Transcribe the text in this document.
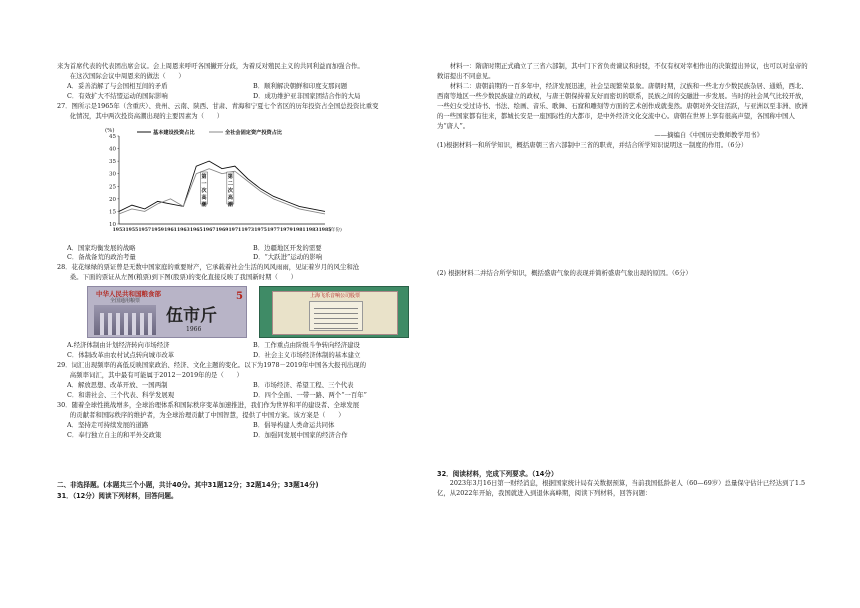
来为首席代表的代表团出席会议。会上周恩来呼吁各国撇开分歧，为着反对殖民主义的共同利益而加强合作。

在这次国际会议中周恩来的做法（　　）

A．妥善消解了与会国相互间的矛盾	B．顺利解决朝鲜和印度支那问题
C．有效扩大不结盟运动的国际影响	D．成功维护亚非国家团结合作的大局

27．图所示是1965年（含重庆）、贵州、云南、陕西、甘肃、青海和宁夏七个省区的历年投资占全国总投资比重变

化情况，其中两次投资高潮出现的主要因素为（　　）

10
15
20
25
30
35
40
45
(%)
1953 1955 1957 1959 1961 1963 1965 1967 1969 1971 1973 1975 1977 1979 1981 1983 1985
(年份)
基本建设投资占比	全社会固定资产投资占比
第
一
次
高
潮
第
二
次
高
潮
A．国家均衡发展的战略	B．边疆地区开发的需要
C．备战备荒的政治考量	D．“大跃进”运动的影响

28．花花绿绿的票证曾是无数中国家庭的重要财产，它承载着社会生活的风风雨雨，见证着岁月的风尘和沧

桑。下面的票证从左图(粮票)到下图(股票)的变化直接反映了我国新时期（　　）

中华人民共和国粮食部	5
全国通用粮票
伍市斤
1966
上海飞乐音响公司股票
A.经济体制由计划经济转向市场经济	B．工作重点由阶级斗争转向经济建设
C．体制改革由农村试点转向城市改革	D．社会主义市场经济体制的基本建立

29．词汇出现频率的高低反映国家政治、经济、文化主题的变化。以下为1978－2019年中国各大报刊出现的

高频率词汇，其中最有可能属于2012－2019年的是（　　）

A．解放思想、改革开放、一国两制	B．市场经济、希望工程、三个代表
C．和谐社会、三个代表、科学发展观	D．四个全面、一带一路、两个“一百年”

30．随着全球性挑战增多，全球治理体系和国际秩序变革加速推进，我们作为世界和平的建设者、全球发展

的贡献者和国际秩序的维护者，为全球治理贡献了中国智慧，提供了中国方案。该方案是（　　）

A．坚持走可持续发展的道路	B．倡导构建人类命运共同体
C．奉行独立自主的和平外交政策	D．加强同发展中国家的经济合作

二、非选择题。(本题共三个小题，共计40分。其中31题12分；32题14分；33题14分)

31．（12分）阅读下列材料，回答问题。

材料一：隋唐时期正式确立了三省六部制，其中门下省负责谏议和封驳，不仅有权对宰相作出的决策提出异议，也可以对皇帝的敕诏提出不同意见。

材料二：唐朝前期的一百多年中，经济发展迅速，社会呈现繁荣景象。唐朝时期，汉族和一些北方少数民族杂居、通婚，西北、西南等地区一些少数民族建立的政权，与唐王朝保持着友好而密切的联系，民族之间的交融进一步发展。当时的社会风气比较开放，一些妇女受过诗书、书法、绘画、音乐、歌舞、石窟和雕刻等方面的艺术创作成就斐然。唐朝对外交往活跃，与亚洲以至非洲、欧洲的一些国家都有往来，都城长安是一座国际性的大都市，是中外经济文化交流中心。唐朝在世界上享有很高声望，各国称中国人为“唐人”。

——摘编自《中国历史教师教学用书》

(1)根据材料一和所学知识，概括唐朝三省六部制中三省的职责，并结合所学知识说明这一制度的作用。（6分）

(2) 根据材料二并结合所学知识，概括盛唐气象的表现并简析盛唐气象出现的原因。（6分）

32．阅读材料，完成下列要求。（14分）

2023年3月16日第一财经消息，根据国家统计局有关数据预算，当前我国低龄老人（60—69岁）总量保守估计已经达到了1.5亿，从2022年开始，我国就进入到退休高峰期，阅读下列材料，回答问题：
